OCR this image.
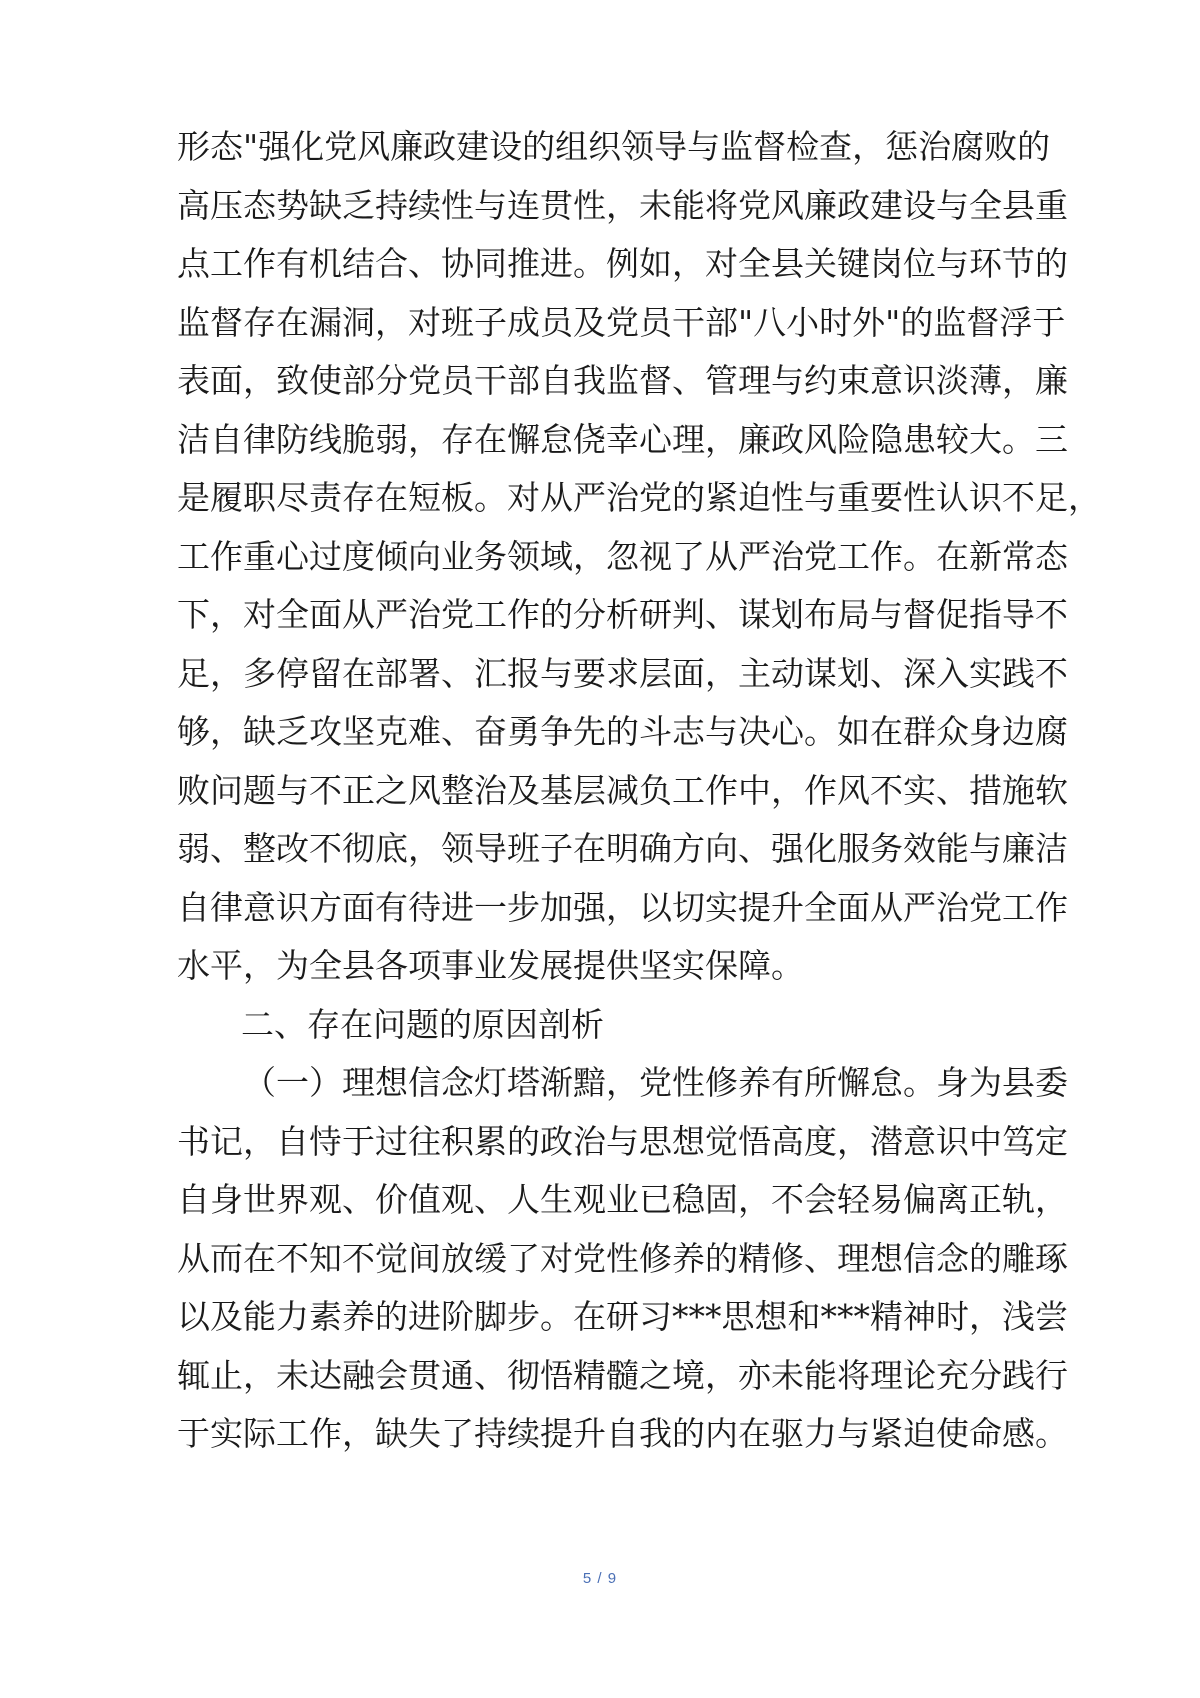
形态"强化党风廉政建设的组织领导与监督检查，惩治腐败的
高压态势缺乏持续性与连贯性，未能将党风廉政建设与全县重
点工作有机结合、协同推进。例如，对全县关键岗位与环节的
监督存在漏洞，对班子成员及党员干部"八小时外"的监督浮于
表面，致使部分党员干部自我监督、管理与约束意识淡薄，廉
洁自律防线脆弱，存在懈怠侥幸心理，廉政风险隐患较大。三
是履职尽责存在短板。对从严治党的紧迫性与重要性认识不足，
工作重心过度倾向业务领域，忽视了从严治党工作。在新常态
下，对全面从严治党工作的分析研判、谋划布局与督促指导不
足，多停留在部署、汇报与要求层面，主动谋划、深入实践不
够，缺乏攻坚克难、奋勇争先的斗志与决心。如在群众身边腐
败问题与不正之风整治及基层减负工作中，作风不实、措施软
弱、整改不彻底，领导班子在明确方向、强化服务效能与廉洁
自律意识方面有待进一步加强，以切实提升全面从严治党工作
水平，为全县各项事业发展提供坚实保障。
二、存在问题的原因剖析
（一）理想信念灯塔渐黯，党性修养有所懈怠。身为县委
书记，自恃于过往积累的政治与思想觉悟高度，潜意识中笃定
自身世界观、价值观、人生观业已稳固，不会轻易偏离正轨，
从而在不知不觉间放缓了对党性修养的精修、理想信念的雕琢
以及能力素养的进阶脚步。在研习***思想和***精神时，浅尝
辄止，未达融会贯通、彻悟精髓之境，亦未能将理论充分践行
于实际工作，缺失了持续提升自我的内在驱力与紧迫使命感。
5 / 9
